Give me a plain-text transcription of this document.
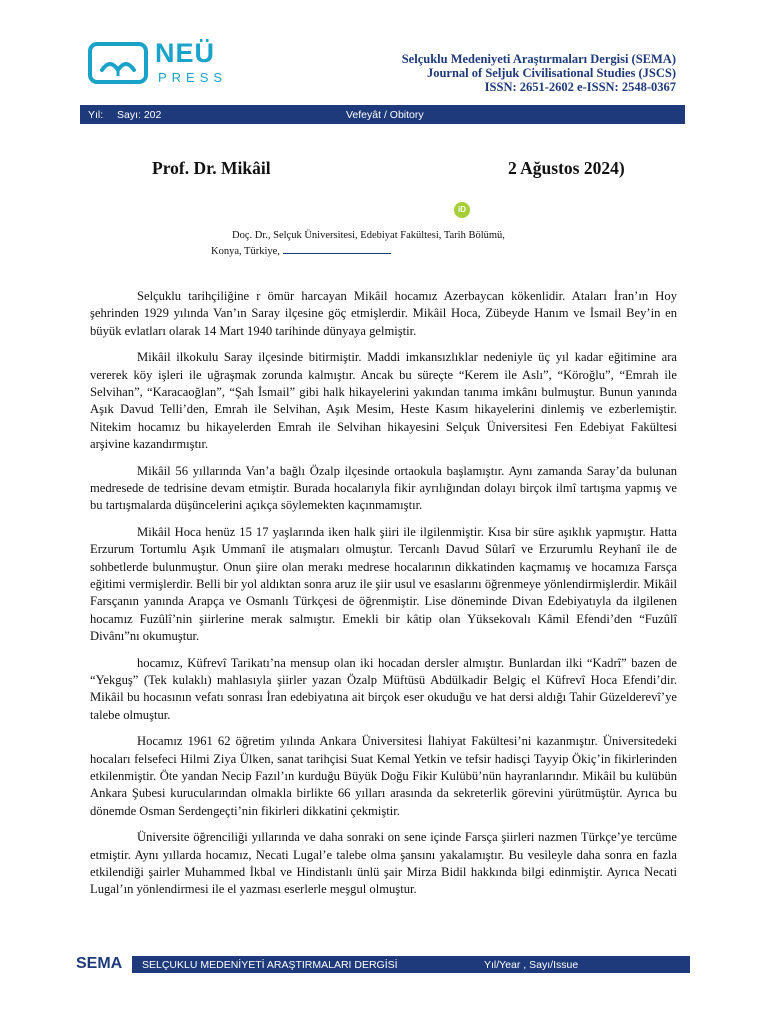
NEÜ
PRESS
Selçuklu Medeniyeti Araştırmaları Dergisi (SEMA)
Journal of Seljuk Civilisational Studies (JSCS)
ISSN: 2651-2602 e-ISSN: 2548-0367
Yıl: Sayı: 202	Vefeyât / Obitory
Prof. Dr. Mikâil	2 Ağustos 2024)
iD
Doç. Dr., Selçuk Üniversitesi, Edebiyat Fakültesi, Tarih Bölümü,
Konya, Türkiye,

Selçuklu tarihçiliğine r ömür harcayan Mikâil hocamız Azerbaycan kökenlidir. Ataları İran’ın Hoy şehrinden 1929 yılında Van’ın Saray ilçesine göç etmişlerdir. Mikâil Hoca, Zübeyde Hanım ve İsmail Bey’in en büyük evlatları olarak 14 Mart 1940 tarihinde dünyaya gelmiştir.

Mikâil ilkokulu Saray ilçesinde bitirmiştir. Maddi imkansızlıklar nedeniyle üç yıl kadar eğitimine ara vererek köy işleri ile uğraşmak zorunda kalmıştır. Ancak bu süreçte “Kerem ile Aslı”, “Köroğlu”, “Emrah ile Selvihan”, “Karacaoğlan”, “Şah İsmail” gibi halk hikayelerini yakından tanıma imkânı bulmuştur. Bunun yanında Aşık Davud Telli’den, Emrah ile Selvihan, Aşık Mesim, Heste Kasım hikayelerini dinlemiş ve ezberlemiştir. Nitekim hocamız bu hikayelerden Emrah ile Selvihan hikayesini Selçuk Üniversitesi Fen Edebiyat Fakültesi arşivine kazandırmıştır.

Mikâil 56 yıllarında Van’a bağlı Özalp ilçesinde ortaokula başlamıştır. Aynı zamanda Saray’da bulunan medresede de tedrisine devam etmiştir. Burada hocalarıyla fikir ayrılığından dolayı birçok ilmî tartışma yapmış ve bu tartışmalarda düşüncelerini açıkça söylemekten kaçınmamıştır.

Mikâil Hoca henüz 15 17 yaşlarında iken halk şiiri ile ilgilenmiştir. Kısa bir süre aşıklık yapmıştır. Hatta Erzurum Tortumlu Aşık Ummanî ile atışmaları olmuştur. Tercanlı Davud Sûlarî ve Erzurumlu Reyhanî ile de sohbetlerde bulunmuştur. Onun şiire olan merakı medrese hocalarının dikkatinden kaçmamış ve hocamıza Farsça eğitimi vermişlerdir. Belli bir yol aldıktan sonra aruz ile şiir usul ve esaslarını öğrenmeye yönlendirmişlerdir. Mikâil Farsçanın yanında Arapça ve Osmanlı Türkçesi de öğrenmiştir. Lise döneminde Divan Edebiyatıyla da ilgilenen hocamız Fuzûlî’nin şiirlerine merak salmıştır. Emekli bir kâtip olan Yüksekovalı Kâmil Efendi’den “Fuzûlî Divânı”nı okumuştur.

hocamız, Küfrevî Tarikatı’na mensup olan iki hocadan dersler almıştır. Bunlardan ilki “Kadrî” bazen de “Yekguş” (Tek kulaklı) mahlasıyla şiirler yazan Özalp Müftüsü Abdülkadir Belgiç el Küfrevî Hoca Efendi’dir. Mikâil bu hocasının vefatı sonrası İran edebiyatına ait birçok eser okuduğu ve hat dersi aldığı Tahir Güzelderevî’ye talebe olmuştur.

Hocamız 1961 62 öğretim yılında Ankara Üniversitesi İlahiyat Fakültesi’ni kazanmıştır. Üniversitedeki hocaları felsefeci Hilmi Ziya Ülken, sanat tarihçisi Suat Kemal Yetkin ve tefsir hadisçi Tayyip Ökiç’in fikirlerinden etkilenmiştir. Öte yandan Necip Fazıl’ın kurduğu Büyük Doğu Fikir Kulübü’nün hayranlarındır. Mikâil bu kulübün Ankara Şubesi kurucularından olmakla birlikte 66 yılları arasında da sekreterlik görevini yürütmüştür. Ayrıca bu dönemde Osman Serdengeçti’nin fikirleri dikkatini çekmiştir.

Üniversite öğrenciliği yıllarında ve daha sonraki on sene içinde Farsça şiirleri nazmen Türkçe’ye tercüme etmiştir. Aynı yıllarda hocamız, Necati Lugal’e talebe olma şansını yakalamıştır. Bu vesileyle daha sonra en fazla etkilendiği şairler Muhammed İkbal ve Hindistanlı ünlü şair Mirza Bidil hakkında bilgi edinmiştir. Ayrıca Necati Lugal’ın yönlendirmesi ile el yazması eserlerle meşgul olmuştur.

SEMA SELÇUKLU MEDENİYETİ ARAŞTIRMALARI DERGİSİ	Yıl/Year , Sayı/Issue
